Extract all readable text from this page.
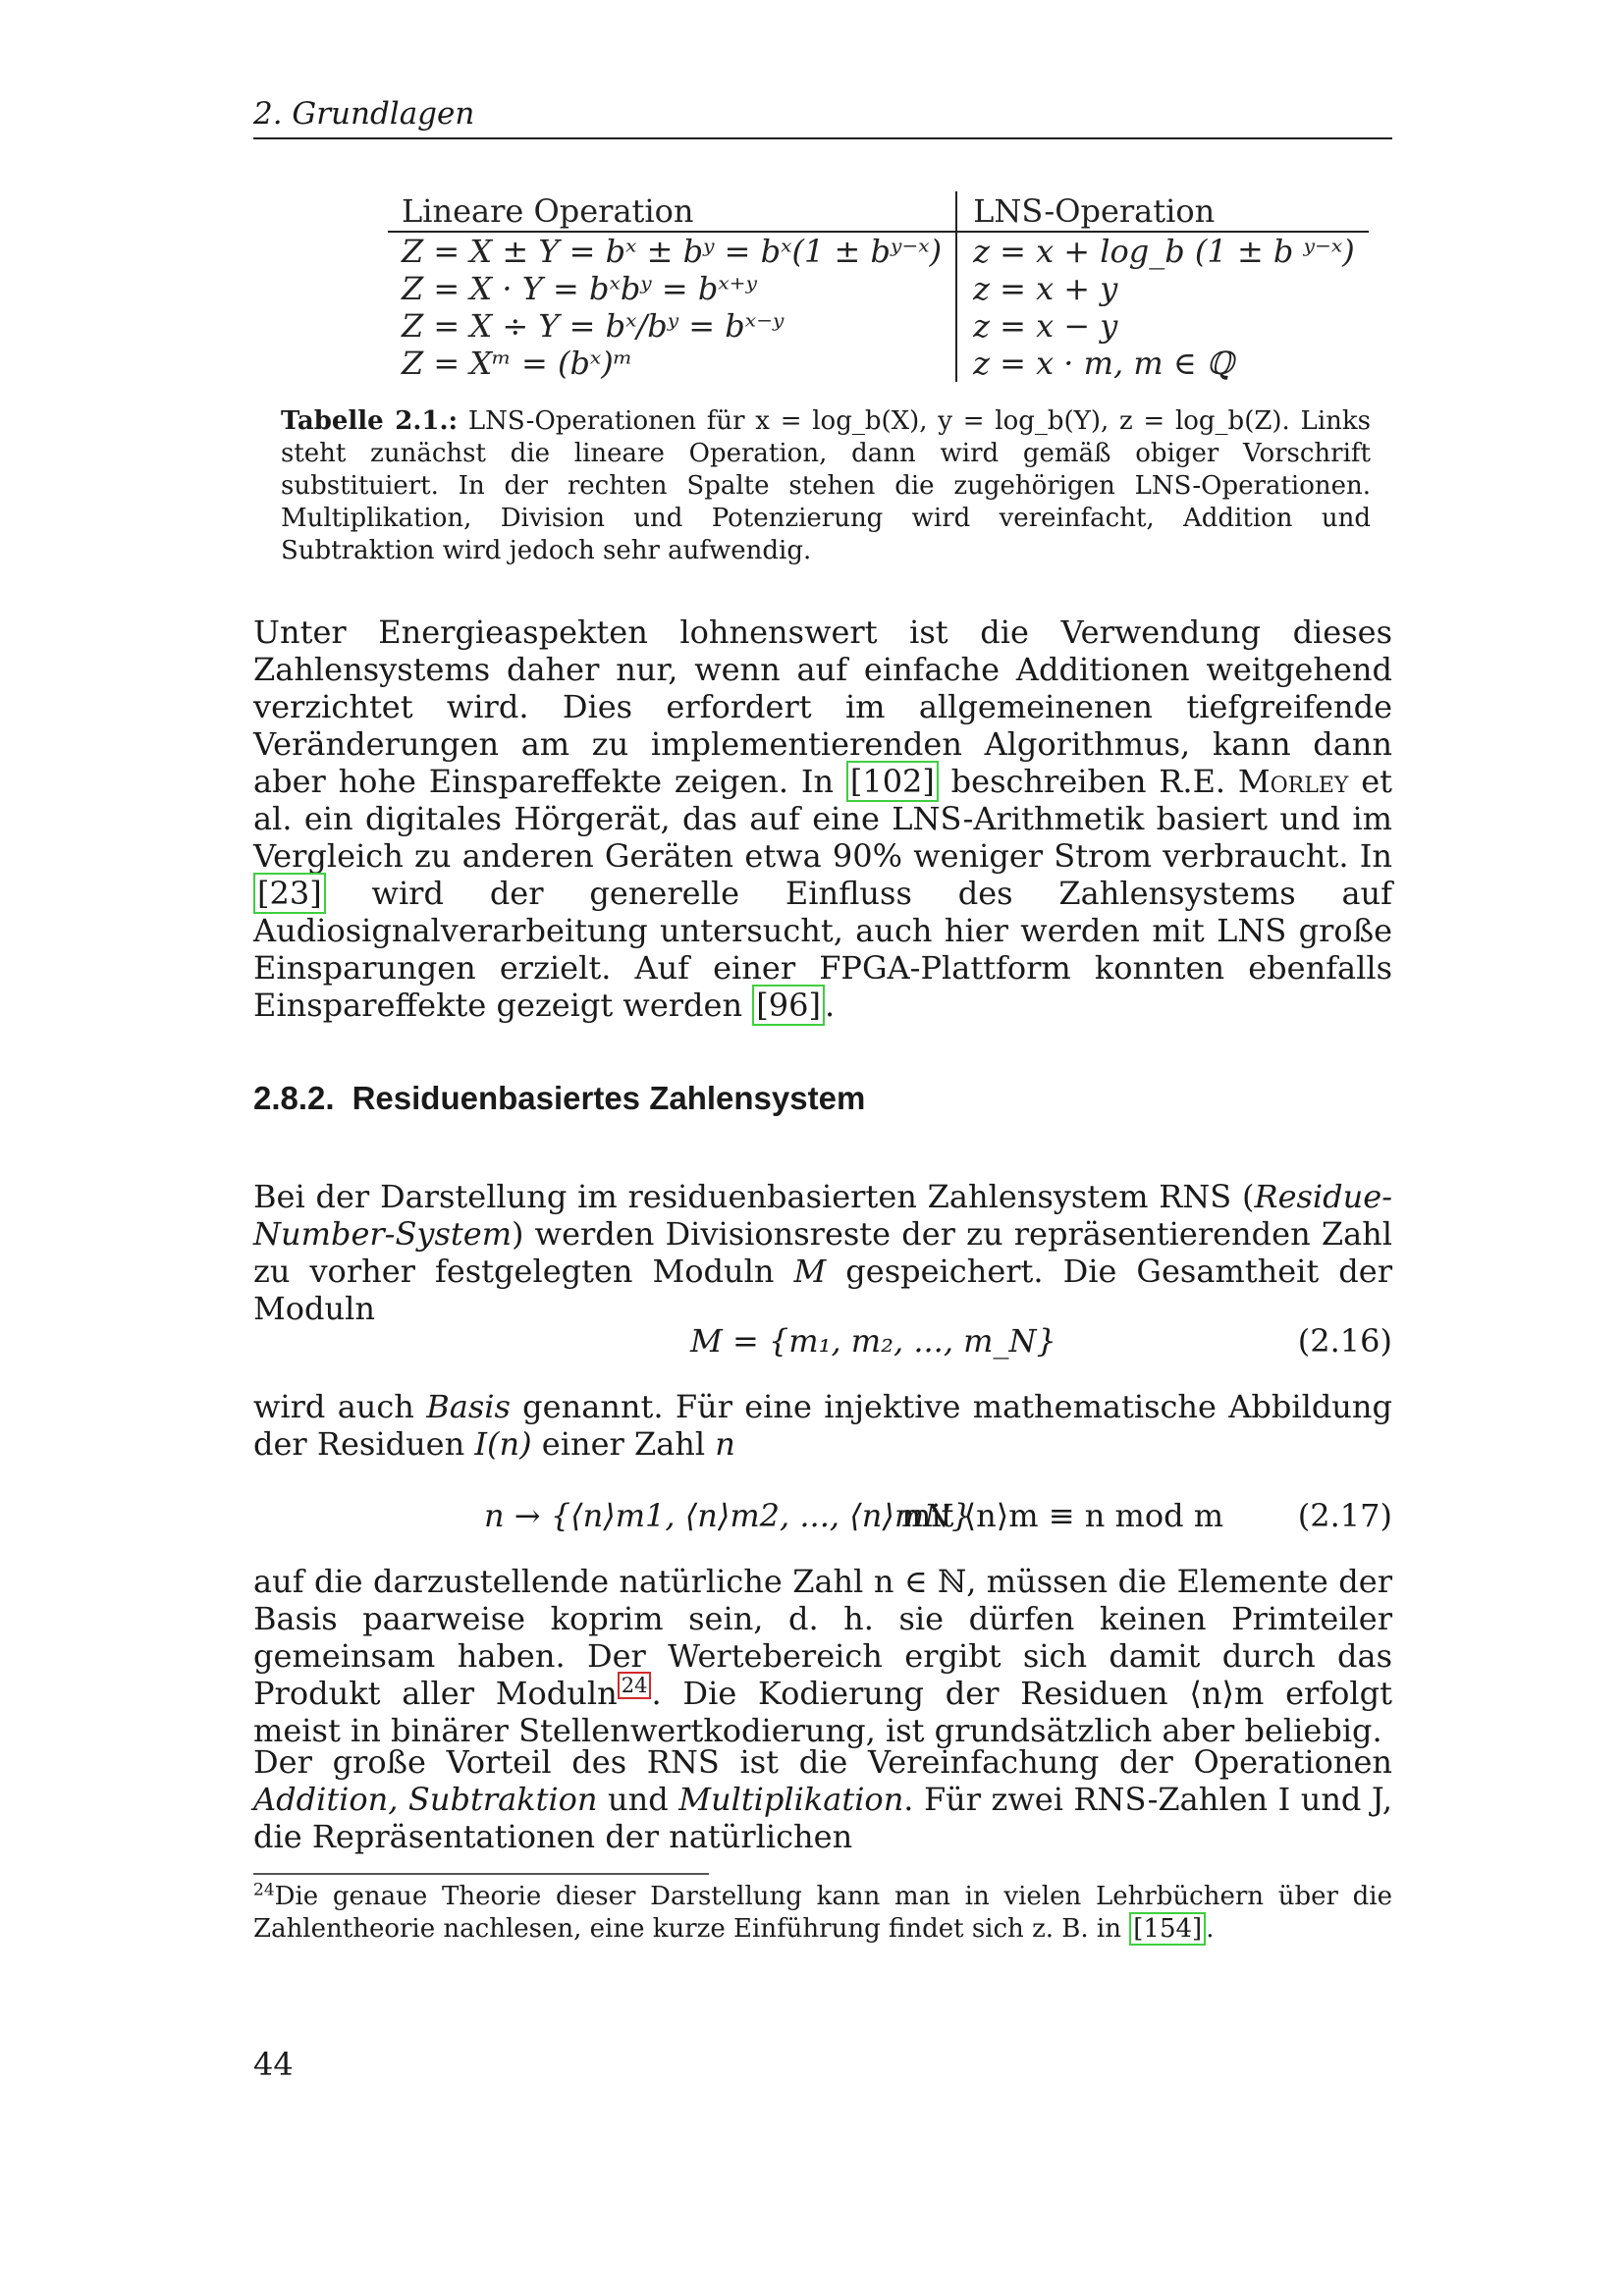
2. Grundlagen
Lineare Operation	LNS-Operation
Z = X ± Y = bˣ ± bʸ = bˣ(1 ± bʸ⁻ˣ)	z = x + log_b (1 ± b ʸ⁻ˣ)
Z = X · Y = bˣbʸ = bˣ⁺ʸ	z = x + y
Z = X ÷ Y = bˣ/bʸ = bˣ⁻ʸ	z = x − y
Z = Xᵐ = (bˣ)ᵐ	z = x · m, m ∈ ℚ
Tabelle 2.1.: LNS-Operationen für x = log_b(X), y = log_b(Y), z = log_b(Z). Links steht zunächst die lineare Operation, dann wird gemäß obiger Vorschrift substituiert. In der rechten Spalte stehen die zugehörigen LNS-Operationen. Multiplikation, Division und Potenzierung wird vereinfacht, Addition und Subtraktion wird jedoch sehr aufwendig.

Unter Energieaspekten lohnenswert ist die Verwendung dieses Zahlensystems daher nur, wenn auf einfache Additionen weitgehend verzichtet wird. Dies erfordert im allgemeinenen tiefgreifende Veränderungen am zu implementierenden Algorithmus, kann dann aber hohe Einspareffekte zeigen. In [102] beschreiben R.E. Morley et al. ein digitales Hörgerät, das auf eine LNS-Arithmetik basiert und im Vergleich zu anderen Geräten etwa 90% weniger Strom verbraucht. In [23] wird der generelle Einfluss des Zahlensystems auf Audiosignalverarbeitung untersucht, auch hier werden mit LNS große Einsparungen erzielt. Auf einer FPGA-Plattform konnten ebenfalls Einspareffekte gezeigt werden [96] .

2.8.2. Residuenbasiertes Zahlensystem

Bei der Darstellung im residuenbasierten Zahlensystem RNS (Residue-Number-System) werden Divisionsreste der zu repräsentierenden Zahl zu vorher festgelegten Moduln M gespeichert. Die Gesamtheit der Moduln

M = {m₁, m₂, ..., m_N}	(2.16)

wird auch Basis genannt. Für eine injektive mathematische Abbildung der Residuen I(n) einer Zahl n

n → {⟨n⟩m1, ⟨n⟩m2, ..., ⟨n⟩mN}
mit ⟨n⟩m ≡ n mod m (2.17)

auf die darzustellende natürliche Zahl n ∈ ℕ, müssen die Elemente der Basis paarweise koprim sein, d. h. sie dürfen keinen Primteiler gemeinsam haben. Der Wertebereich ergibt sich damit durch das Produkt aller Moduln $^{24}$ . Die Kodierung der Residuen ⟨n⟩m erfolgt meist in binärer Stellenwertkodierung, ist grundsätzlich aber beliebig.

Der große Vorteil des RNS ist die Vereinfachung der Operationen Addition, Subtraktion und Multiplikation. Für zwei RNS-Zahlen I und J, die Repräsentationen der natürlichen

$^{24}$Die genaue Theorie dieser Darstellung kann man in vielen Lehrbüchern über die Zahlentheorie nachlesen, eine kurze Einführung findet sich z. B. in [154] .
44
